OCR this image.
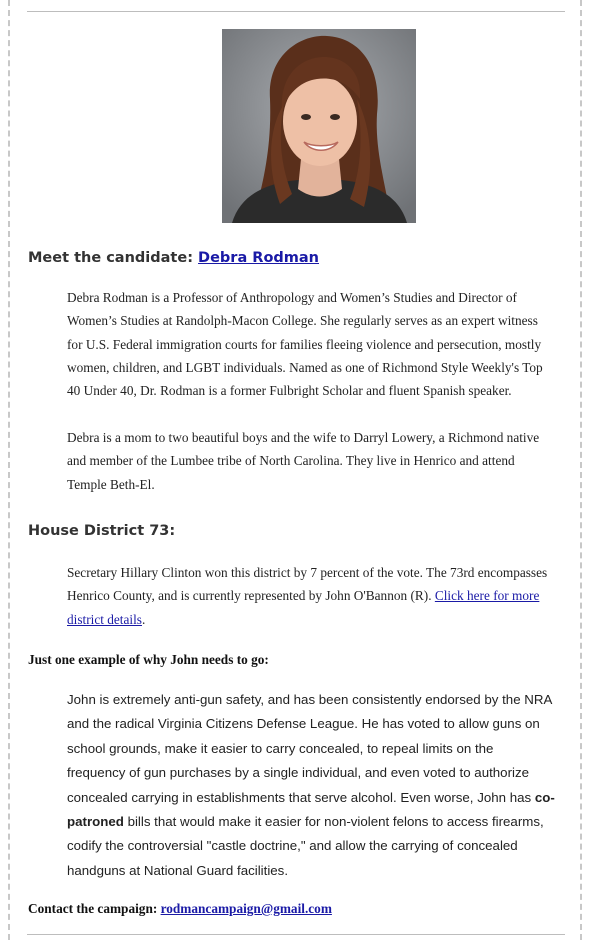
Meet the candidate: Debra Rodman
Debra Rodman is a Professor of Anthropology and Women’s Studies and Director of
Women’s Studies at Randolph-Macon College. She regularly serves as an expert witness
for U.S. Federal immigration courts for families fleeing violence and persecution, mostly
women, children, and LGBT individuals. Named as one of Richmond Style Weekly's Top
40 Under 40, Dr. Rodman is a former Fulbright Scholar and fluent Spanish speaker.
Debra is a mom to two beautiful boys and the wife to Darryl Lowery, a Richmond native
and member of the Lumbee tribe of North Carolina. They live in Henrico and attend
Temple Beth-El.
House District 73:
Secretary Hillary Clinton won this district by 7 percent of the vote. The 73rd encompasses
Henrico County, and is currently represented by John O'Bannon (R). Click here for more
district details.
Just one example of why John needs to go:
John is extremely anti-gun safety, and has been consistently endorsed by the NRA
and the radical Virginia Citizens Defense League. He has voted to allow guns on
school grounds, make it easier to carry concealed, to repeal limits on the
frequency of gun purchases by a single individual, and even voted to authorize
concealed carrying in establishments that serve alcohol. Even worse, John has co-
patroned bills that would make it easier for non-violent felons to access firearms,
codify the controversial "castle doctrine," and allow the carrying of concealed
handguns at National Guard facilities.
Contact the campaign: rodmancampaign@gmail.com
